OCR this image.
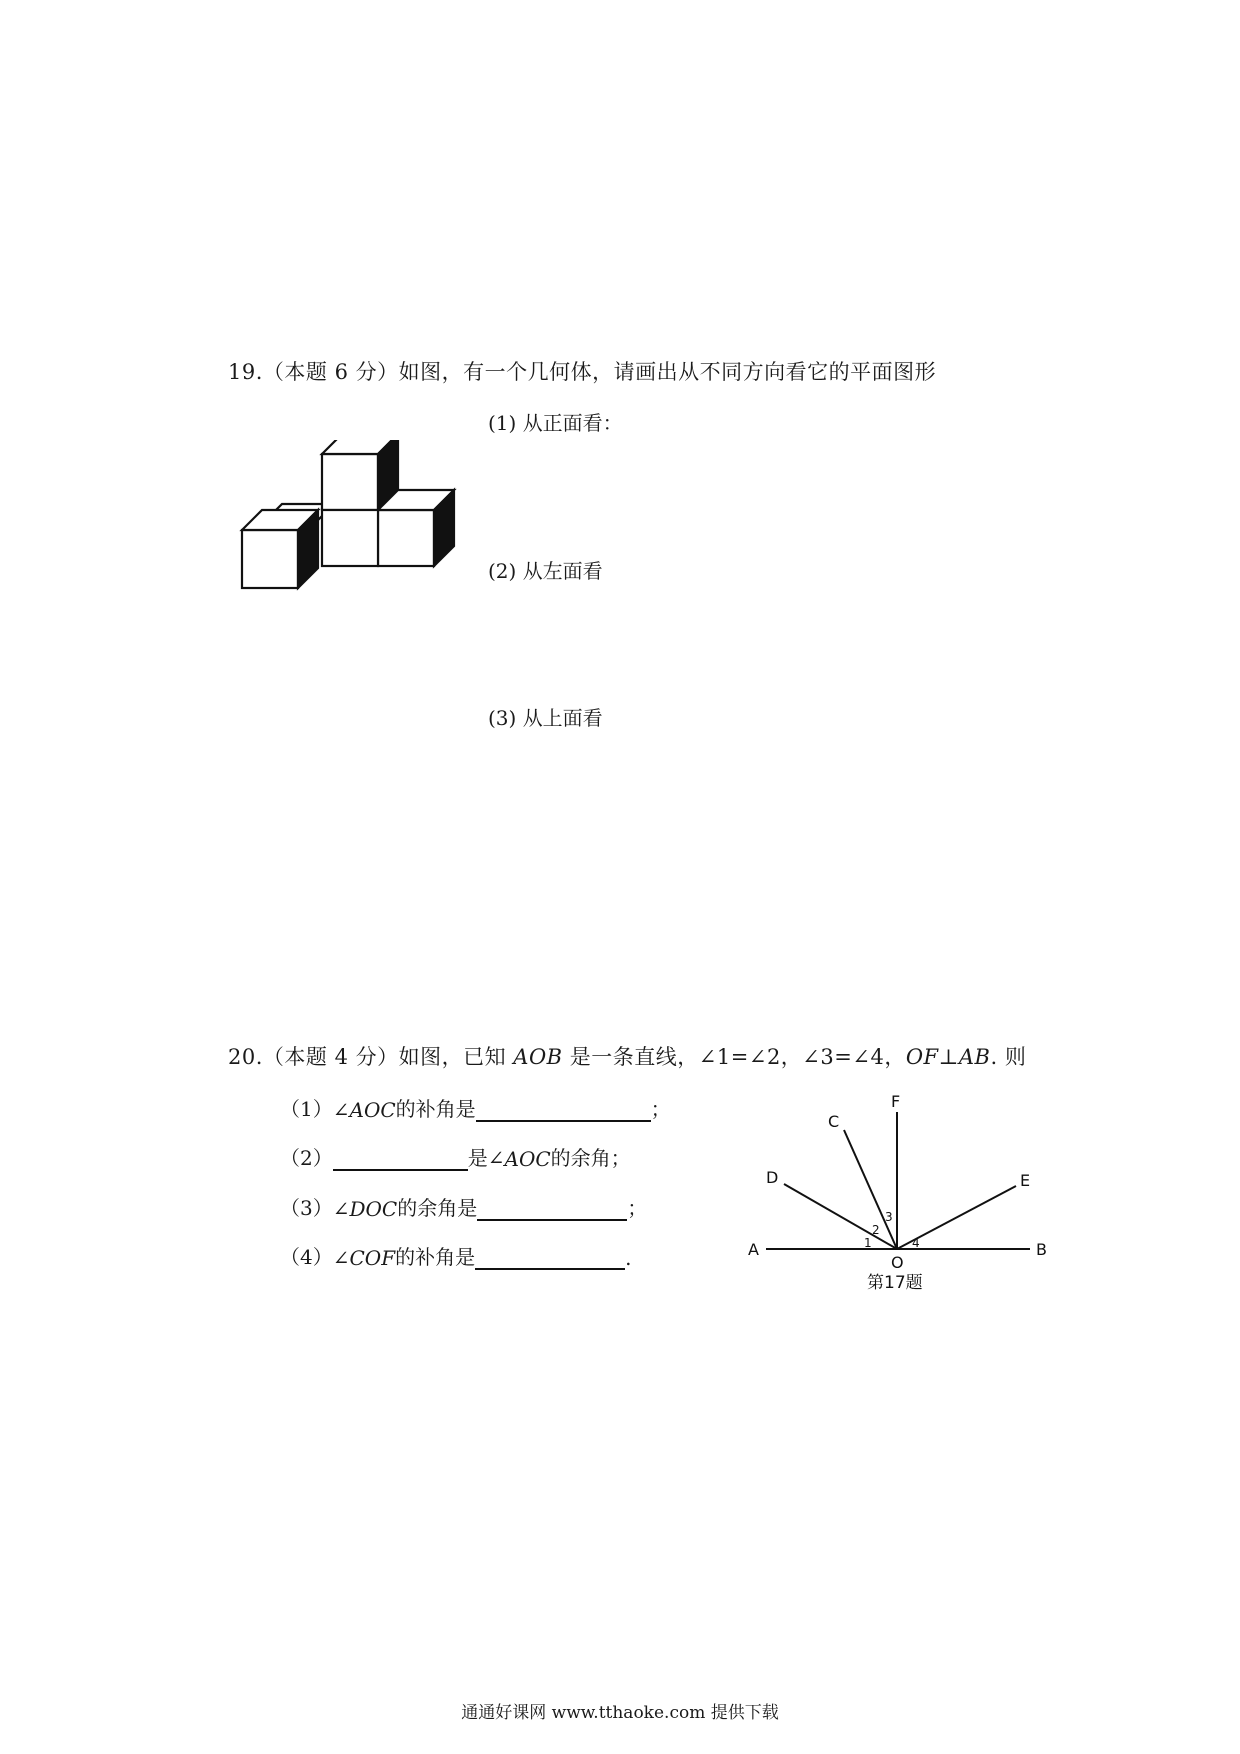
19.（本题 6 分）如图，有一个几何体，请画出从不同方向看它的平面图形
(1) 从正面看：
(2) 从左面看
(3) 从上面看
20.（本题 4 分）如图，已知 AOB 是一条直线，∠1=∠2，∠3=∠4，OF⊥AB. 则
（1） ∠ AOC 的补角是	；
（2）	是∠ AOC 的余角；
（3） ∠ DOC 的余角是	；
（4） ∠ COF 的补角是	.	A	B
C
D	E
F
O
1
2
3
4
第17题
通通好课网 www.tthaoke.com 提供下载
